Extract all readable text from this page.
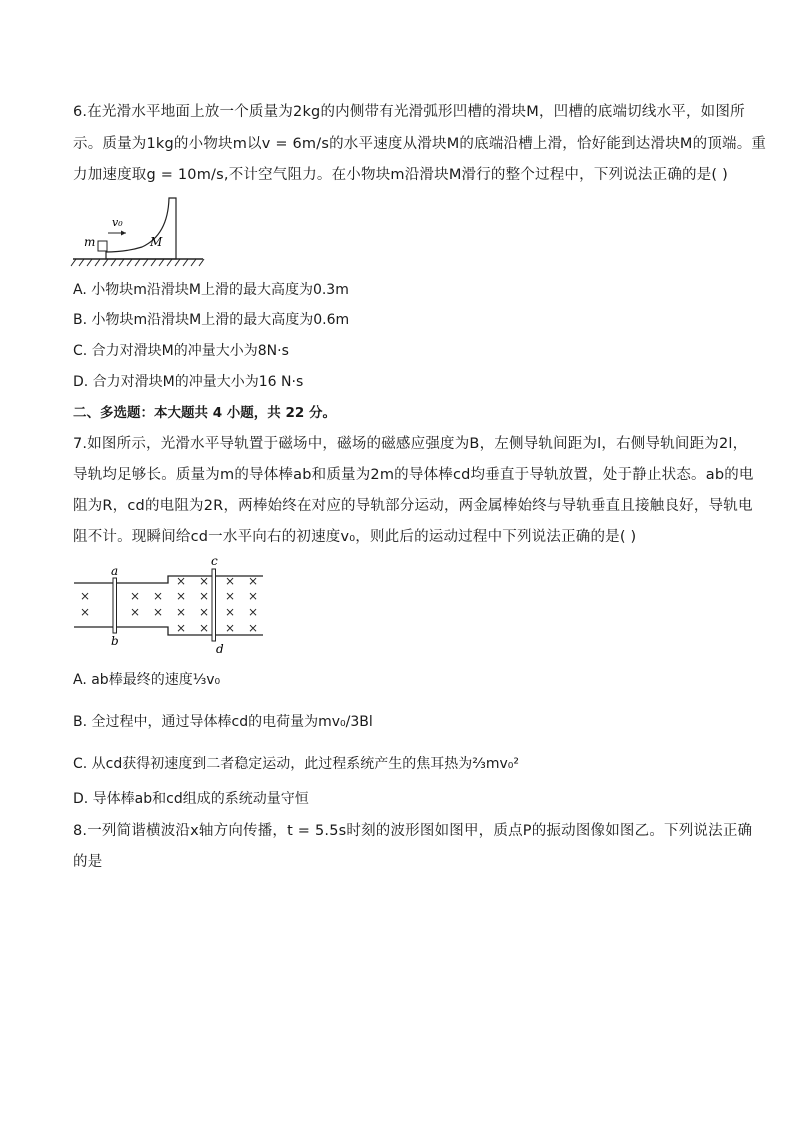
6.在光滑水平地面上放一个质量为2kg的内侧带有光滑弧形凹槽的滑块M，凹槽的底端切线水平，如图所
示。质量为1kg的小物块m以v = 6m/s的水平速度从滑块M的底端沿槽上滑，恰好能到达滑块M的顶端。重
力加速度取g = 10m/s,不计空气阻力。在小物块m沿滑块M滑行的整个过程中，下列说法正确的是( )
v₀
m	M
A. 小物块m沿滑块M上滑的最大高度为0.3m
B. 小物块m沿滑块M上滑的最大高度为0.6m
C. 合力对滑块M的冲量大小为8N·s
D. 合力对滑块M的冲量大小为16 N·s
二、多选题：本大题共 4 小题，共 22 分。
7.如图所示，光滑水平导轨置于磁场中，磁场的磁感应强度为B，左侧导轨间距为l，右侧导轨间距为2l，
导轨均足够长。质量为m的导体棒ab和质量为2m的导体棒cd均垂直于导轨放置，处于静止状态。ab的电
阻为R，cd的电阻为2R，两棒始终在对应的导轨部分运动，两金属棒始终与导轨垂直且接触良好，导轨电
阻不计。现瞬间给cd一水平向右的初速度v₀，则此后的运动过程中下列说法正确的是( )
×
×
×
×
×
×
×
×
×
×
×
×
×
×
×
×
×
×
×
×
×
×
a
b
c
d
A. ab棒最终的速度⅓v₀
B. 全过程中，通过导体棒cd的电荷量为mv₀/3Bl
C. 从cd获得初速度到二者稳定运动，此过程系统产生的焦耳热为⅔mv₀²
D. 导体棒ab和cd组成的系统动量守恒
8.一列简谐横波沿x轴方向传播，t = 5.5s时刻的波形图如图甲，质点P的振动图像如图乙。下列说法正确
的是
